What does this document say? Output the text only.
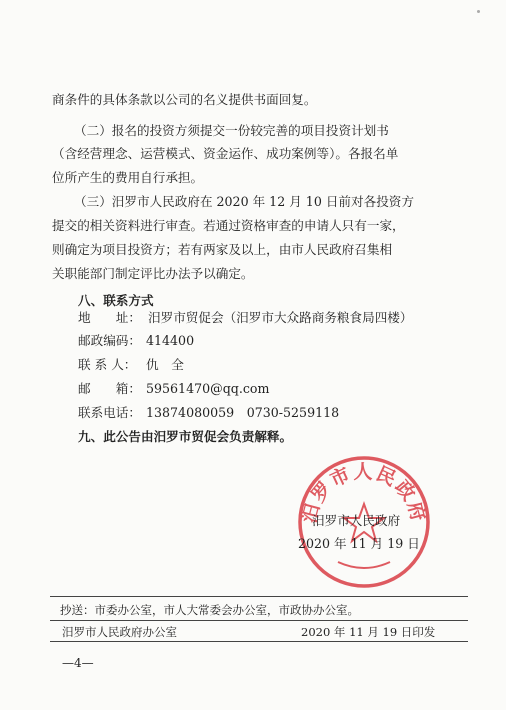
商条件的具体条款以公司的名义提供书面回复。
（二）报名的投资方须提交一份较完善的项目投资计划书
（含经营理念、运营模式、资金运作、成功案例等）。各报名单
位所产生的费用自行承担。
（三）汨罗市人民政府在 2020 年 12 月 10 日前对各投资方
提交的相关资料进行审查。若通过资格审查的申请人只有一家，
则确定为项目投资方；若有两家及以上，由市人民政府召集相
关职能部门制定评比办法予以确定。
八、联系方式
地　　址： 汨罗市贸促会（汨罗市大众路商务粮食局四楼）
邮政编码： 414400
联 系 人： 仇　全
邮　　箱： 59561470@qq.com
联系电话： 13874080059　0730-5259118
九、此公告由汨罗市贸促会负责解释。
汨罗市人民政府
汨罗市人民政府
2020 年 11 月 19 日
抄送：市委办公室，市人大常委会办公室，市政协办公室。
汨罗市人民政府办公室	2020 年 11 月 19 日印发
—4—
